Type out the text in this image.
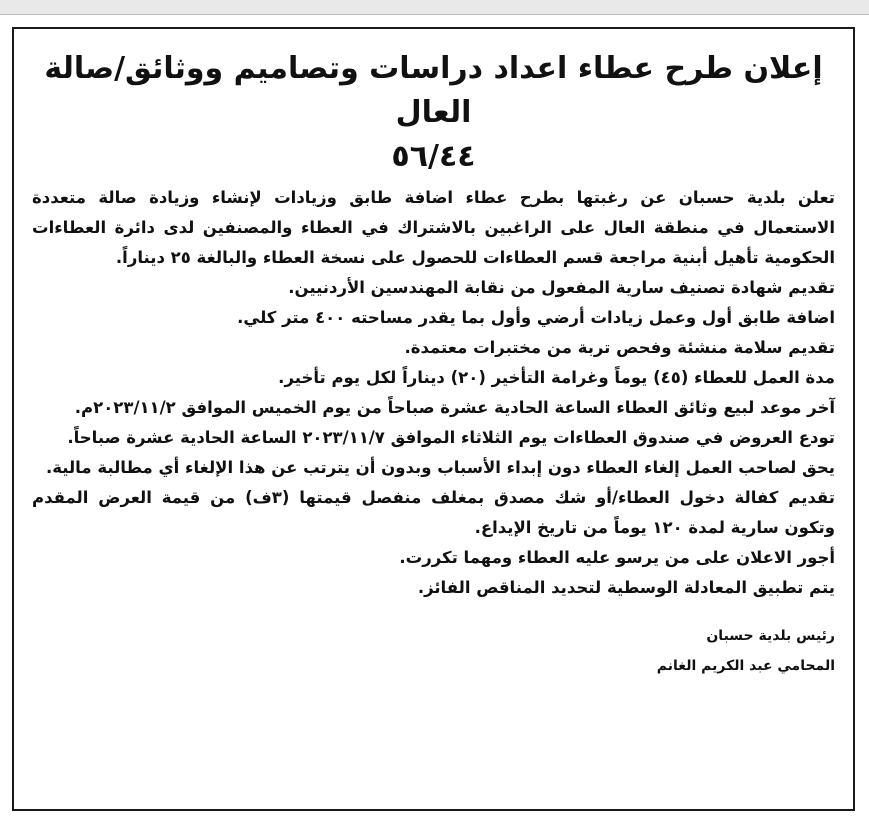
إعلان طرح عطاء اعداد دراسات وتصاميم ووثائق/صالة العال
٥٦/٤٤

تعلن بلدية حسبان عن رغبتها بطرح عطاء اضافة طابق وزيادات لإنشاء وزيادة صالة متعددة الاستعمال في منطقة العال على الراغبين بالاشتراك في العطاء والمصنفين لدى دائرة العطاءات الحكومية تأهيل أبنية مراجعة قسم العطاءات للحصول على نسخة العطاء والبالغة ٢٥ ديناراً.

تقديم شهادة تصنيف سارية المفعول من نقابة المهندسين الأردنيين.

اضافة طابق أول وعمل زيادات أرضي وأول بما يقدر مساحته ٤٠٠ متر كلي.

تقديم سلامة منشئة وفحص تربة من مختبرات معتمدة.

مدة العمل للعطاء (٤٥) يوماً وغرامة التأخير (٢٠) ديناراً لكل يوم تأخير.

آخر موعد لبيع وثائق العطاء الساعة الحادية عشرة صباحاً من يوم الخميس الموافق ٢٠٢٣/١١/٢م.

تودع العروض في صندوق العطاءات يوم الثلاثاء الموافق ٢٠٢٣/١١/٧ الساعة الحادية عشرة صباحاً.

يحق لصاحب العمل إلغاء العطاء دون إبداء الأسباب وبدون أن يترتب عن هذا الإلغاء أي مطالبة مالية.

تقديم كفالة دخول العطاء/أو شك مصدق بمغلف منفصل قيمتها (٣ف) من قيمة العرض المقدم وتكون سارية لمدة ١٢٠ يوماً من تاريخ الإيداع.

أجور الاعلان على من يرسو عليه العطاء ومهما تكررت.

يتم تطبيق المعادلة الوسطية لتحديد المناقص الفائز.

رئيس بلدية حسبان
المحامي عبد الكريم الغانم
